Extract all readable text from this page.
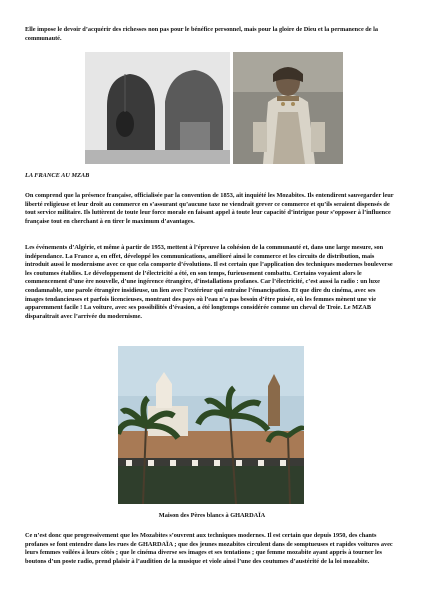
Elle impose le devoir d’acquérir des richesses non pas pour le bénéfice personnel, mais pour la gloire de Dieu et la permanence de la communauté.

LA FRANCE AU MZAB

On comprend que la présence française, officialisée par la convention de 1853, ait inquiété les Mozabites. Ils entendirent sauvegarder leur liberté religieuse et leur droit au commerce en s’assurant qu’aucune taxe ne viendrait grever ce commerce et qu’ils seraient dispensés de tout service militaire. Ils luttèrent de toute leur force morale en faisant appel à toute leur capacité d’intrigue pour s’opposer à l’influence française tout en cherchant à en tirer le maximum d’avantages.

Les événements d’Algérie, et même à partir de 1953, mettent à l’épreuve la cohésion de la communauté et, dans une large mesure, son indépendance. La France a, en effet, développé les communications, amélioré ainsi le commerce et les circuits de distribution, mais introduit aussi le modernisme avec ce que cela comporte d’évolutions. Il est certain que l’application des techniques modernes bouleverse les coutumes établies. Le développement de l’électricité a été, en son temps, furieusement combattu. Certains voyaient alors le commencement d’une ère nouvelle, d’une ingérence étrangère, d’installations profanes. Car l’électricité, c’est aussi la radio : un luxe condamnable, une parole étrangère insidieuse, un lien avec l’extérieur qui entraîne l’émancipation. Et que dire du cinéma, avec ses images tendancieuses et parfois licencieuses, montrant des pays où l’eau n’a pas besoin d’être puisée, où les femmes mènent une vie apparemment facile ! La voiture, avec ses possibilités d’évasion, a été longtemps considérée comme un cheval de Troie. Le MZAB disparaîtrait avec l’arrivée du modernisme.

Maison des Pères blancs à GHARDAÏA

Ce n’est donc que progressivement que les Mozabites s’ouvrent aux techniques modernes. Il est certain que depuis 1950, des chants profanes se font entendre dans les rues de GHARDAÏA ; que des jeunes mozabites circulent dans de somptueuses et rapides voitures avec leurs femmes voilées à leurs côtés ; que le cinéma diverse ses images et ses tentations ; que femme mozabite ayant appris à tourner les boutons d’un poste radio, prend plaisir à l’audition de la musique et viole ainsi l’une des coutumes d’austérité de la loi mozabite.
